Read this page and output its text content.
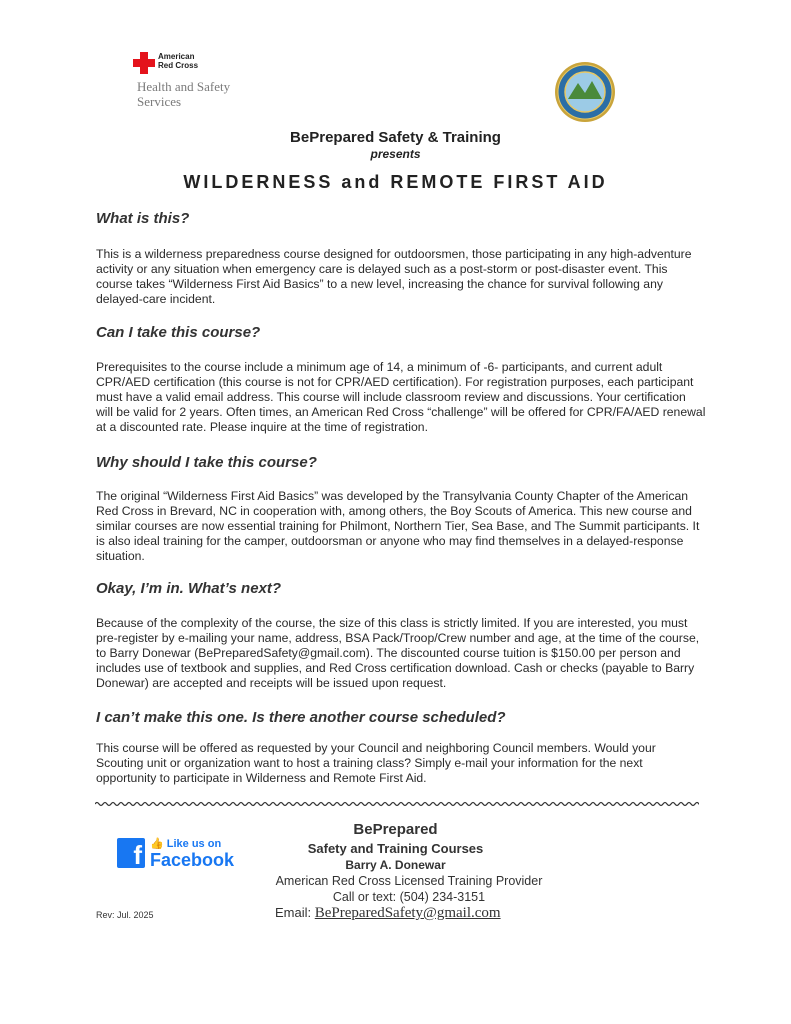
American
Red Cross
Health and Safety
Services
BePrepared Safety & Training
presents
WILDERNESS and REMOTE FIRST AID
What is this?
This is a wilderness preparedness course designed for outdoorsmen, those participating in any high-adventure activity or any situation when emergency care is delayed such as a post-storm or post-disaster event. This course takes “Wilderness First Aid Basics” to a new level, increasing the chance for survival following any delayed-care incident.
Can I take this course?
Prerequisites to the course include a minimum age of 14, a minimum of -6- participants, and current adult CPR/AED certification (this course is not for CPR/AED certification). For registration purposes, each participant must have a valid email address. This course will include classroom review and discussions. Your certification will be valid for 2 years. Often times, an American Red Cross “challenge” will be offered for CPR/FA/AED renewal at a discounted rate. Please inquire at the time of registration.
Why should I take this course?
The original “Wilderness First Aid Basics” was developed by the Transylvania County Chapter of the American Red Cross in Brevard, NC in cooperation with, among others, the Boy Scouts of America. This new course and similar courses are now essential training for Philmont, Northern Tier, Sea Base, and The Summit participants. It is also ideal training for the camper, outdoorsman or anyone who may find themselves in a delayed-response situation.
Okay, I’m in. What’s next?
Because of the complexity of the course, the size of this class is strictly limited. If you are interested, you must pre-register by e-mailing your name, address, BSA Pack/Troop/Crew number and age, at the time of the course, to Barry Donewar (BePreparedSafety@gmail.com). The discounted course tuition is $150.00 per person and includes use of textbook and supplies, and Red Cross certification download. Cash or checks (payable to Barry Donewar) are accepted and receipts will be issued upon request.
I can’t make this one. Is there another course scheduled?
This course will be offered as requested by your Council and neighboring Council members. Would your Scouting unit or organization want to host a training class? Simply e-mail your information for the next opportunity to participate in Wilderness and Remote First Aid.
f 👍 Like us on
Facebook
BePrepared
Safety and Training Courses
Barry A. Donewar
American Red Cross Licensed Training Provider
Call or text: (504) 234-3151
Email: BePreparedSafety@gmail.com
Rev: Jul. 2025
